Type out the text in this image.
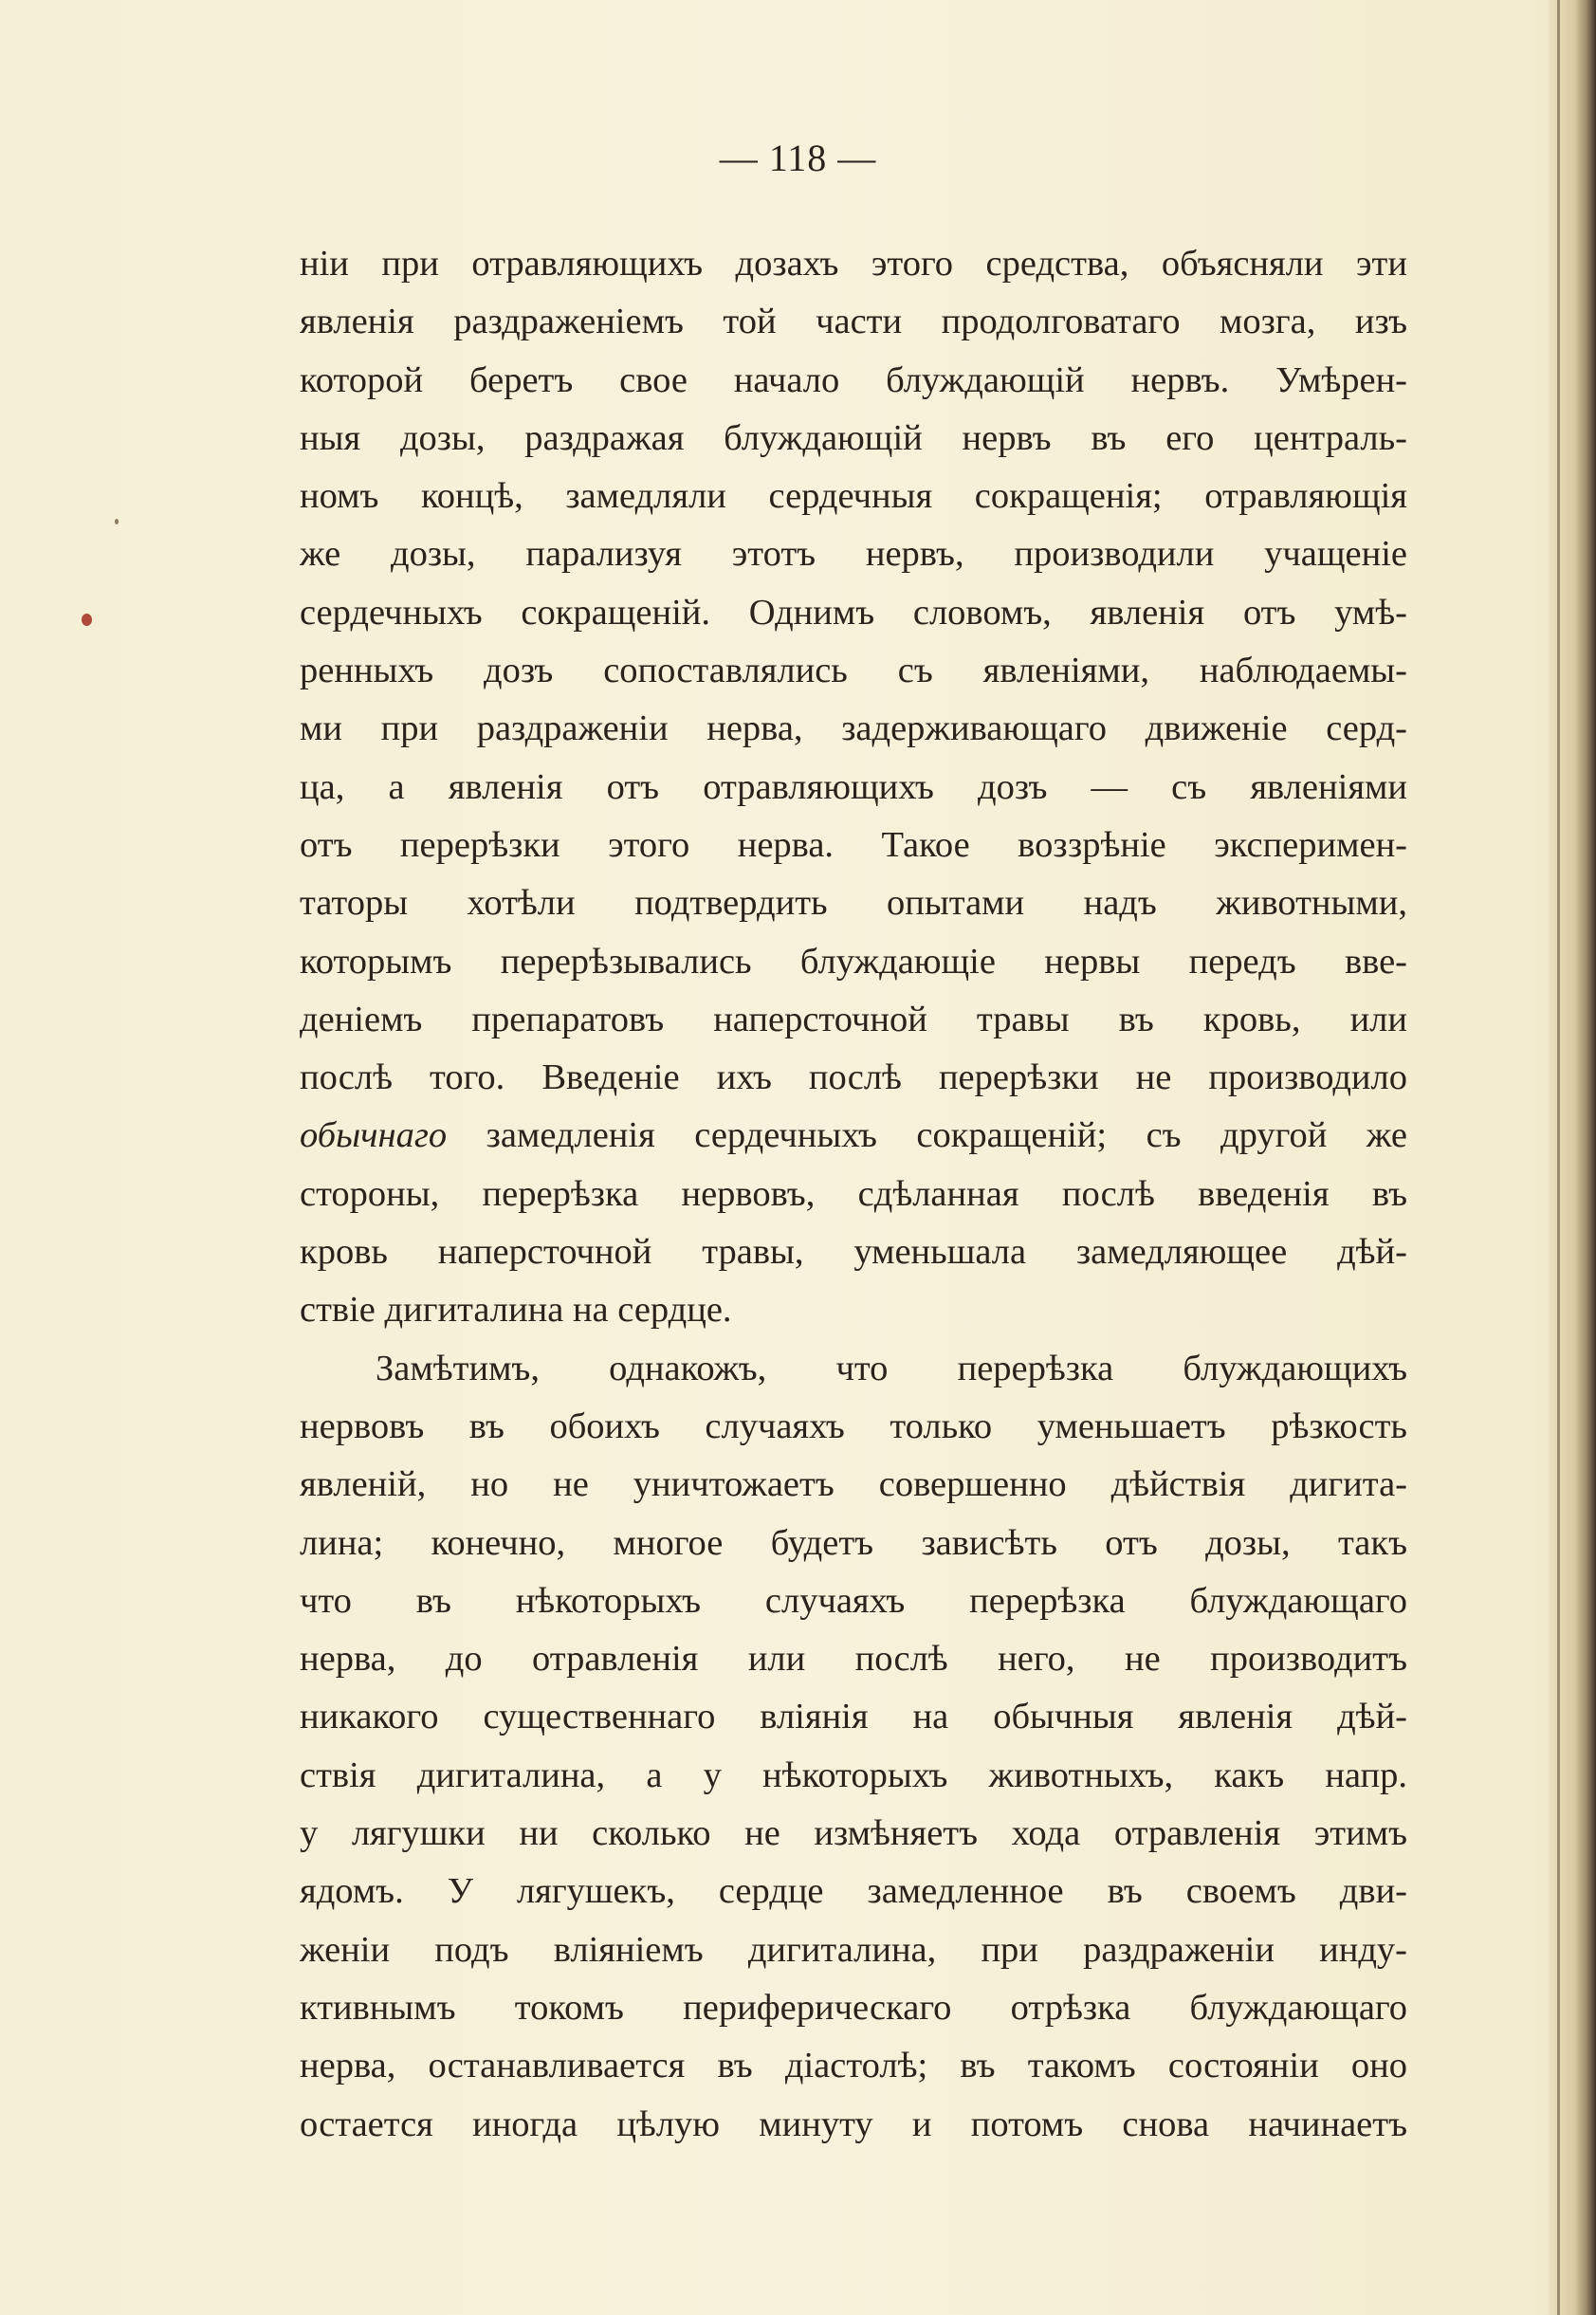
— 118 —
нiи при отравляющихъ дозахъ этого средства, объясняли эти
явленiя раздраженiемъ той части продолговатаго мозга, изъ
которой беретъ свое начало блуждающiй нервъ. Умѣрен-
ныя дозы, раздражая блуждающiй нервъ въ его централь-
номъ концѣ, замедляли сердечныя сокращенiя; отравляющiя
же дозы, парализуя этотъ нервъ, производили учащенiе
сердечныхъ сокращенiй. Однимъ словомъ, явленiя отъ умѣ-
ренныхъ дозъ сопоставлялись съ явленiями, наблюдаемы-
ми при раздраженiи нерва, задерживающаго движенiе серд-
ца, а явленiя отъ отравляющихъ дозъ — съ явленiями
отъ перерѣзки этого нерва. Такое воззрѣнiе эксперимен-
таторы хотѣли подтвердить опытами надъ животными,
которымъ перерѣзывались блуждающiе нервы передъ вве-
денiемъ препаратовъ наперсточной травы въ кровь, или
послѣ того. Введенiе ихъ послѣ перерѣзки не производило
обычнаго замедленiя сердечныхъ сокращенiй; съ другой же
стороны, перерѣзка нервовъ, сдѣланная послѣ введенiя въ
кровь наперсточной травы, уменьшала замедляющее дѣй-
ствiе дигиталина на сердце.
Замѣтимъ, однакожъ, что перерѣзка блуждающихъ
нервовъ въ обоихъ случаяхъ только уменьшаетъ рѣзкость
явленiй, но не уничтожаетъ совершенно дѣйствiя дигита-
лина; конечно, многое будетъ зависѣть отъ дозы, такъ
что въ нѣкоторыхъ случаяхъ перерѣзка блуждающаго
нерва, до отравленiя или послѣ него, не производитъ
никакого существеннаго влiянiя на обычныя явленiя дѣй-
ствiя дигиталина, а у нѣкоторыхъ животныхъ, какъ напр.
у лягушки ни сколько не измѣняетъ хода отравленiя этимъ
ядомъ. У лягушекъ, сердце замедленное въ своемъ дви-
женiи подъ влiянiемъ дигиталина, при раздраженiи инду-
ктивнымъ токомъ периферическаго отрѣзка блуждающаго
нерва, останавливается въ дiастолѣ; въ такомъ состоянiи оно
остается иногда цѣлую минуту и потомъ снова начинаетъ
